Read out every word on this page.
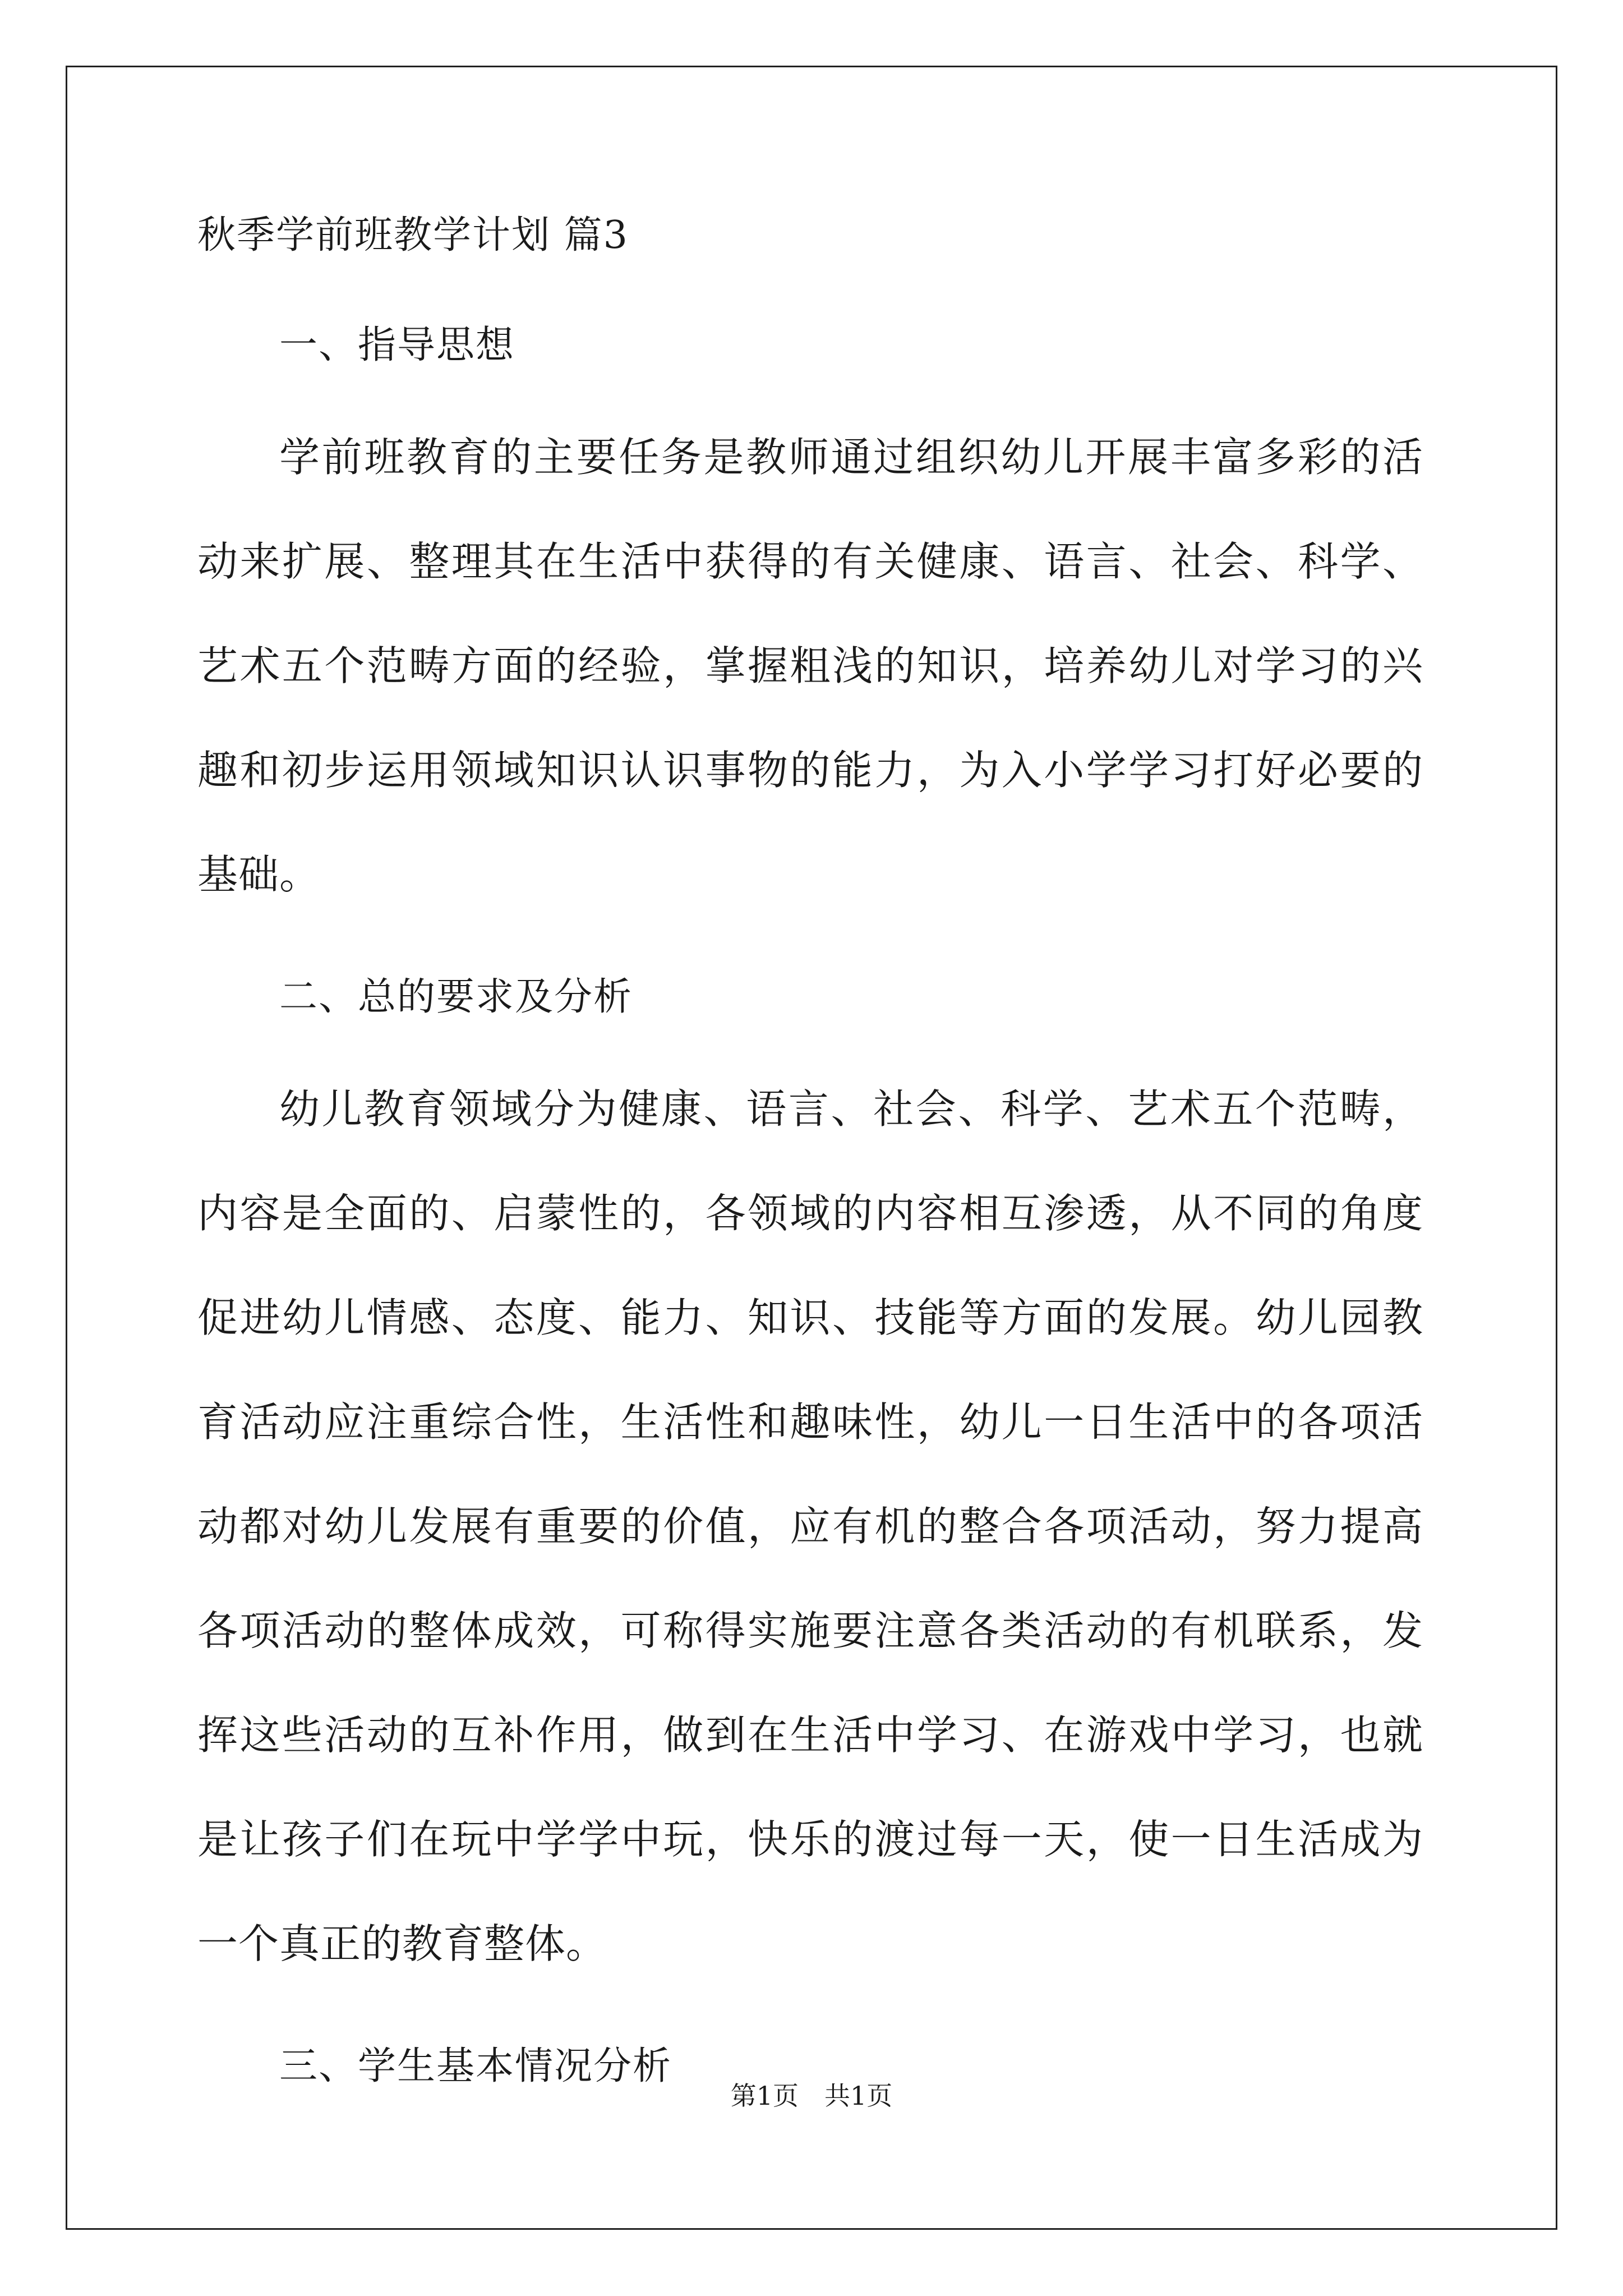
秋季学前班教学计划 篇3
一、指导思想

学前班教育的主要任务是教师通过组织幼儿开展丰富多彩的活动来扩展、整理其在生活中获得的有关健康、语言、社会、科学、艺术五个范畴方面的经验，掌握粗浅的知识，培养幼儿对学习的兴趣和初步运用领域知识认识事物的能力，为入小学学习打好必要的基础。

二、总的要求及分析

幼儿教育领域分为健康、语言、社会、科学、艺术五个范畴，内容是全面的、启蒙性的，各领域的内容相互渗透，从不同的角度促进幼儿情感、态度、能力、知识、技能等方面的发展。幼儿园教育活动应注重综合性，生活性和趣味性，幼儿一日生活中的各项活动都对幼儿发展有重要的价值，应有机的整合各项活动，努力提高各项活动的整体成效，可称得实施要注意各类活动的有机联系，发挥这些活动的互补作用，做到在生活中学习、在游戏中学习，也就是让孩子们在玩中学学中玩，快乐的渡过每一天，使一日生活成为一个真正的教育整体。

三、学生基本情况分析
第1页　共1页
